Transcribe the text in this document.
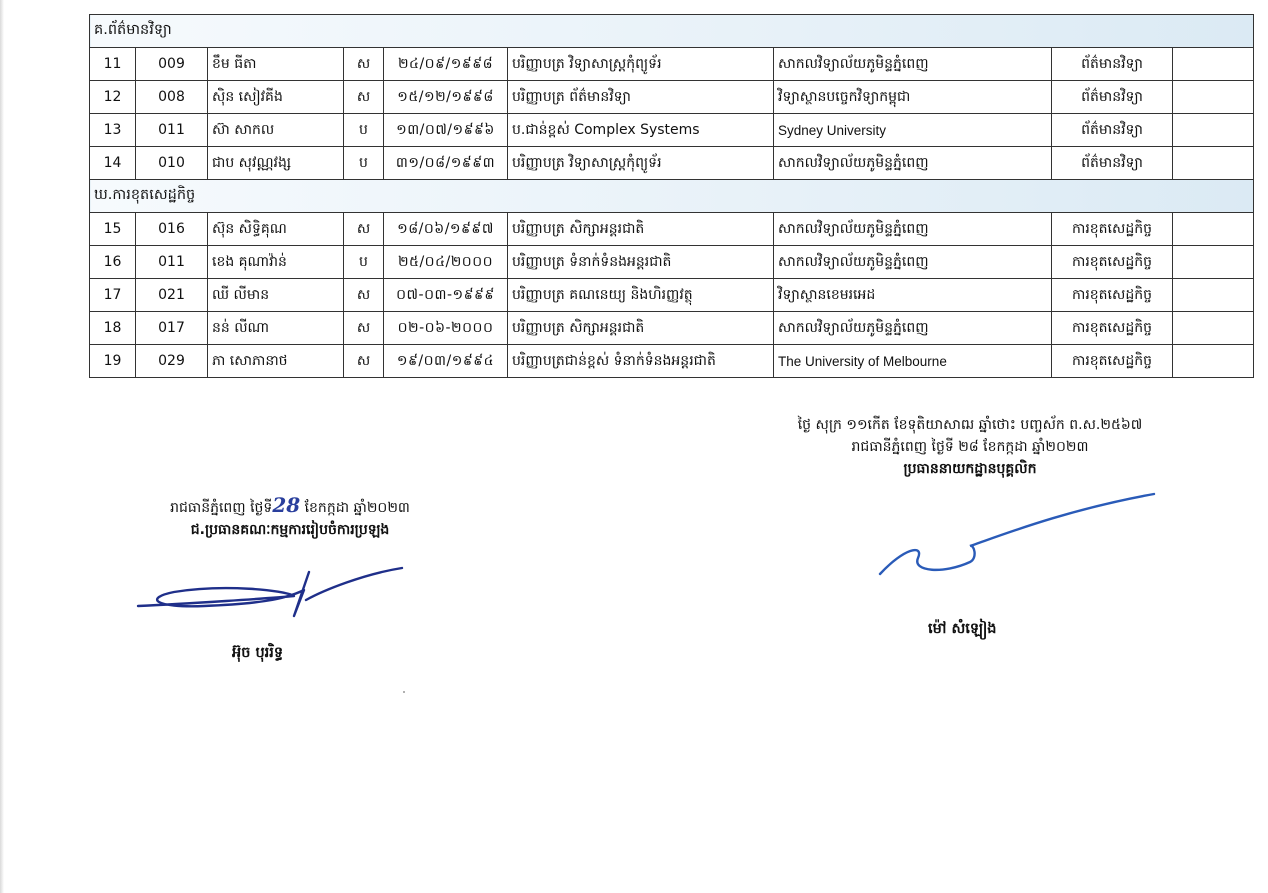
គ.ព័ត៌មានវិទ្យា								
11	009	ខឹម ធីតា	ស	២៤/០៩/១៩៩៨	បរិញ្ញាបត្រ វិទ្យាសាស្ត្រកុំព្យូទ័រ	សាកលវិទ្យាល័យភូមិន្ទភ្នំពេញ	ព័ត៌មានវិទ្យា	
12	008	ស៊ិន សៀវគីង	ស	១៥/១២/១៩៩៨	បរិញ្ញាបត្រ ព័ត៌មានវិទ្យា	វិទ្យាស្ថានបច្ចេកវិទ្យាកម្ពុជា	ព័ត៌មានវិទ្យា	
13	011	ស៊ា សាកល	ប	១៣/០៧/១៩៩៦	ប.ជាន់ខ្ពស់ Complex Systems	Sydney University	ព័ត៌មានវិទ្យា	
14	010	ជាប សុវណ្ណវង្ស	ប	៣១/០៨/១៩៩៣	បរិញ្ញាបត្រ វិទ្យាសាស្ត្រកុំព្យូទ័រ	សាកលវិទ្យាល័យភូមិន្ទភ្នំពេញ	ព័ត៌មានវិទ្យា	
ឃ.ការខុតសេដ្ឋកិច្ច								
15	016	ស៊ុន សិទ្ធិគុណ	ស	១៨/០៦/១៩៩៧	បរិញ្ញាបត្រ សិក្សាអន្តរជាតិ	សាកលវិទ្យាល័យភូមិន្ទភ្នំពេញ	ការខុតសេដ្ឋកិច្ច	
16	011	ខេង គុណាវ៉ាន់	ប	២៥/០៤/២០០០	បរិញ្ញាបត្រ ទំនាក់ទំនងអន្តរជាតិ	សាកលវិទ្យាល័យភូមិន្ទភ្នំពេញ	ការខុតសេដ្ឋកិច្ច	
17	021	ឈី លីមាន	ស	០៧-០៣-១៩៩៩	បរិញ្ញាបត្រ គណនេយ្យ និងហិរញ្ញវត្ថុ	វិទ្យាស្ថានខេមរអេដ	ការខុតសេដ្ឋកិច្ច	
18	017	នន់ លីណា	ស	០២-០៦-២០០០	បរិញ្ញាបត្រ សិក្សាអន្តរជាតិ	សាកលវិទ្យាល័យភូមិន្ទភ្នំពេញ	ការខុតសេដ្ឋកិច្ច	
19	029	ភា សោភានាថ	ស	១៩/០៣/១៩៩៤	បរិញ្ញាបត្រជាន់ខ្ពស់ ទំនាក់ទំនងអន្តរជាតិ	The University of Melbourne	ការខុតសេដ្ឋកិច្ច	
ថ្ងៃ សុក្រ ១១កើត ខែទុតិយាសាឍ ឆ្នាំថោះ បញ្ចស័ក ព.ស.២៥៦៧
រាជធានីភ្នំពេញ ថ្ងៃទី ២៨ ខែកក្កដា ឆ្នាំ២០២៣
ប្រធាននាយកដ្ឋានបុគ្គលិក
ម៉ៅ សំឡៀង
រាជធានីភ្នំពេញ ថ្ងៃទី28 ខែកក្កដា ឆ្នាំ២០២៣
ជ.ប្រធានគណៈកម្មការរៀបចំការប្រឡង
អ៊ុច បុររិទ្ធ
